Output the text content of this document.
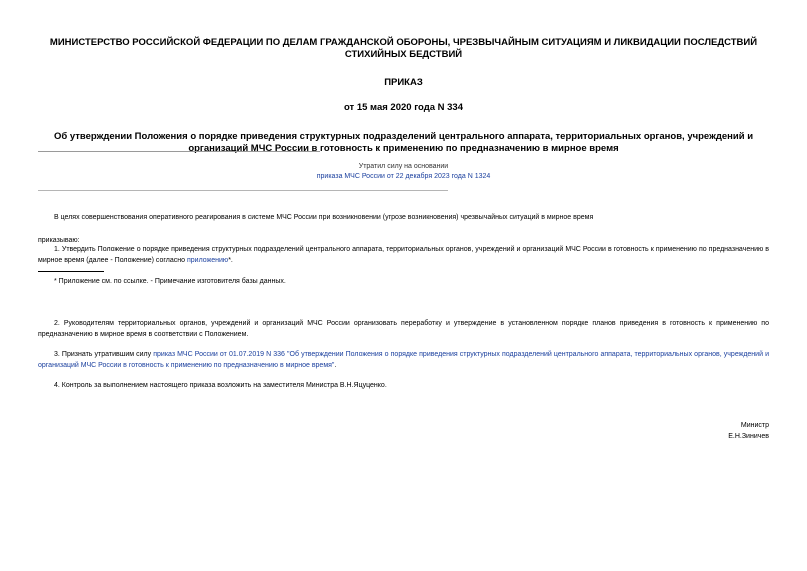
МИНИСТЕРСТВО РОССИЙСКОЙ ФЕДЕРАЦИИ ПО ДЕЛАМ ГРАЖДАНСКОЙ ОБОРОНЫ, ЧРЕЗВЫЧАЙНЫМ СИТУАЦИЯМ И ЛИКВИДАЦИИ ПОСЛЕДСТВИЙ СТИХИЙНЫХ БЕДСТВИЙ
ПРИКАЗ
от 15 мая 2020 года N 334
Об утверждении Положения о порядке приведения структурных подразделений центрального аппарата, территориальных органов, учреждений и организаций МЧС России в готовность к применению по предназначению в мирное время
Утратил силу на основании
приказа МЧС России от 22 декабря 2023 года N 1324
В целях совершенствования оперативного реагирования в системе МЧС России при возникновении (угрозе возникновения) чрезвычайных ситуаций в мирное время
приказываю:
1. Утвердить Положение о порядке приведения структурных подразделений центрального аппарата, территориальных органов, учреждений и организаций МЧС России в готовность к применению по предназначению в мирное время (далее - Положение) согласно приложению*.
* Приложение см. по ссылке. - Примечание изготовителя базы данных.
2. Руководителям территориальных органов, учреждений и организаций МЧС России организовать переработку и утверждение в установленном порядке планов приведения в готовность к применению по предназначению в мирное время в соответствии с Положением.
3. Признать утратившим силу приказ МЧС России от 01.07.2019 N 336 "Об утверждении Положения о порядке приведения структурных подразделений центрального аппарата, территориальных органов, учреждений и организаций МЧС России в готовность к применению по предназначению в мирное время".
4. Контроль за выполнением настоящего приказа возложить на заместителя Министра В.Н.Яцуценко.
Министр
Е.Н.Зиничев
